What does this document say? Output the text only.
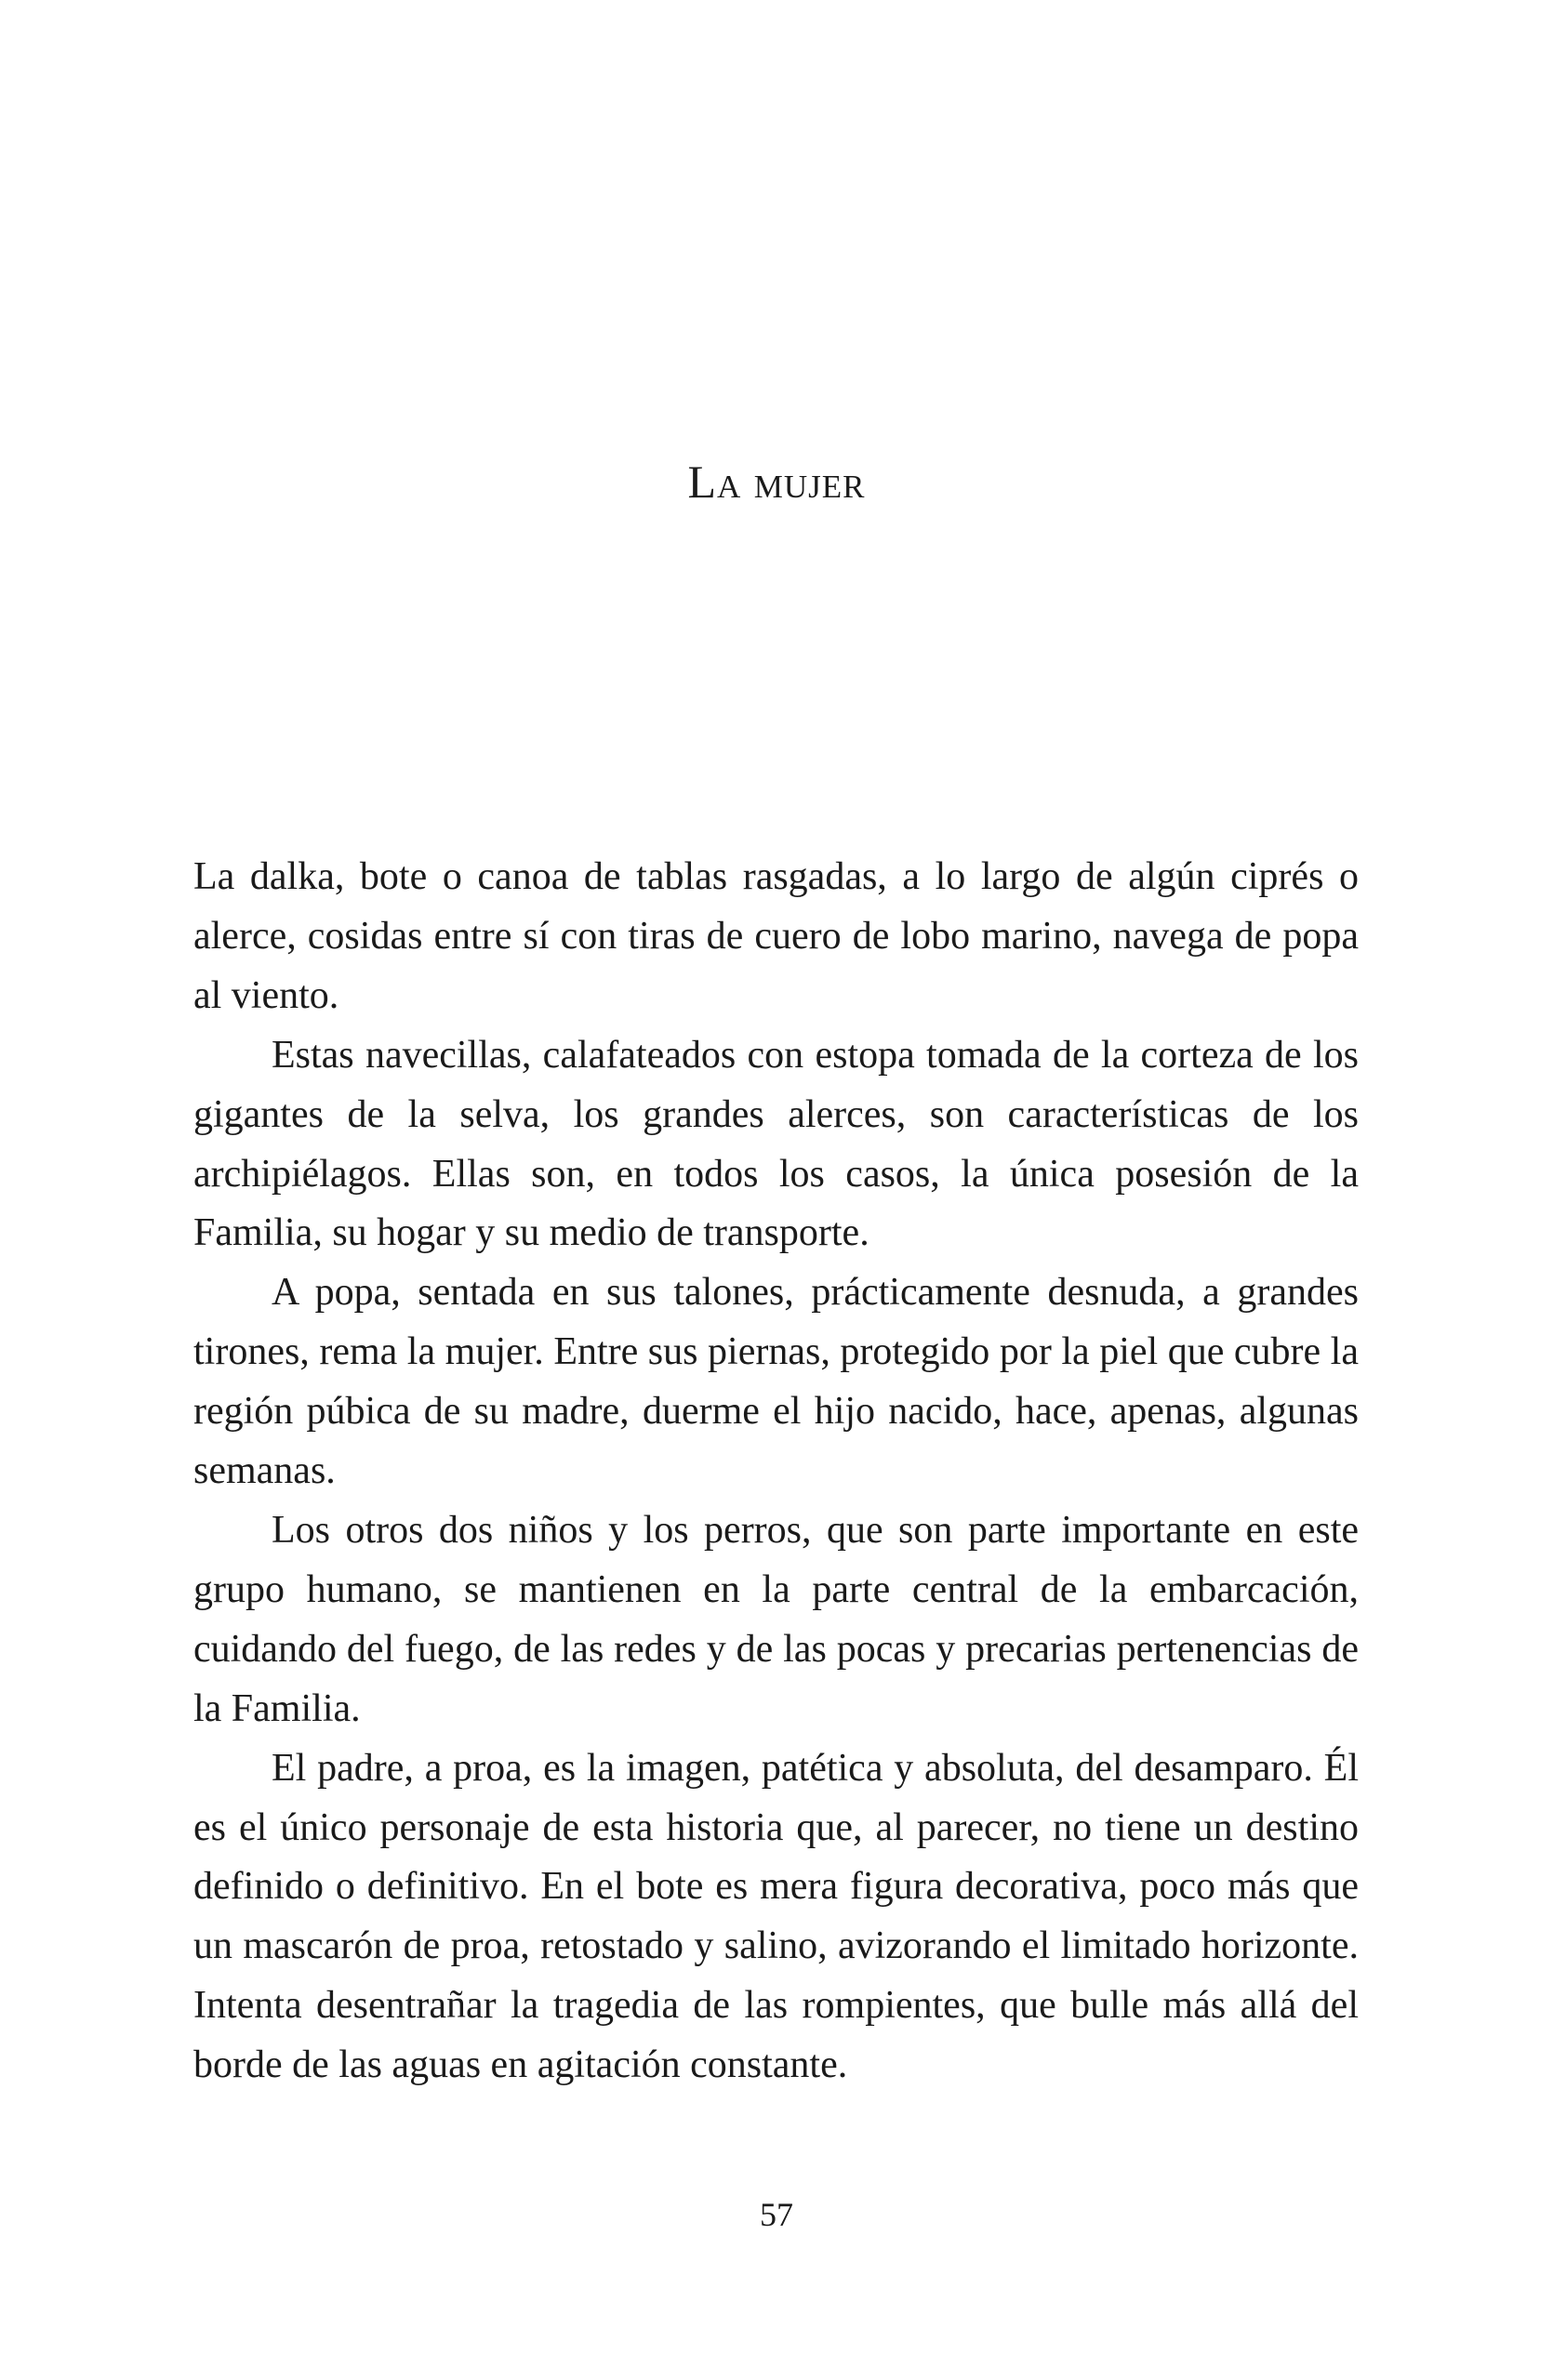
La mujer

La dalka, bote o canoa de tablas rasgadas, a lo largo de algún ciprés o alerce, cosidas entre sí con tiras de cuero de lobo marino, navega de popa al viento.

Estas navecillas, calafateados con estopa tomada de la corteza de los gigantes de la selva, los grandes alerces, son características de los archipiélagos. Ellas son, en todos los casos, la única posesión de la Familia, su hogar y su medio de transporte.

A popa, sentada en sus talones, prácticamente desnuda, a grandes tirones, rema la mujer. Entre sus piernas, protegido por la piel que cubre la región púbica de su madre, duerme el hijo nacido, hace, apenas, algunas semanas.

Los otros dos niños y los perros, que son parte importante en este grupo humano, se mantienen en la parte central de la embarcación, cuidando del fuego, de las redes y de las pocas y precarias pertenencias de la Familia.

El padre, a proa, es la imagen, patética y absoluta, del desamparo. Él es el único personaje de esta historia que, al parecer, no tiene un destino definido o definitivo. En el bote es mera figura decorativa, poco más que un mascarón de proa, retostado y salino, avizorando el limitado horizonte. Intenta desentrañar la tragedia de las rompientes, que bulle más allá del borde de las aguas en agitación constante.

57
